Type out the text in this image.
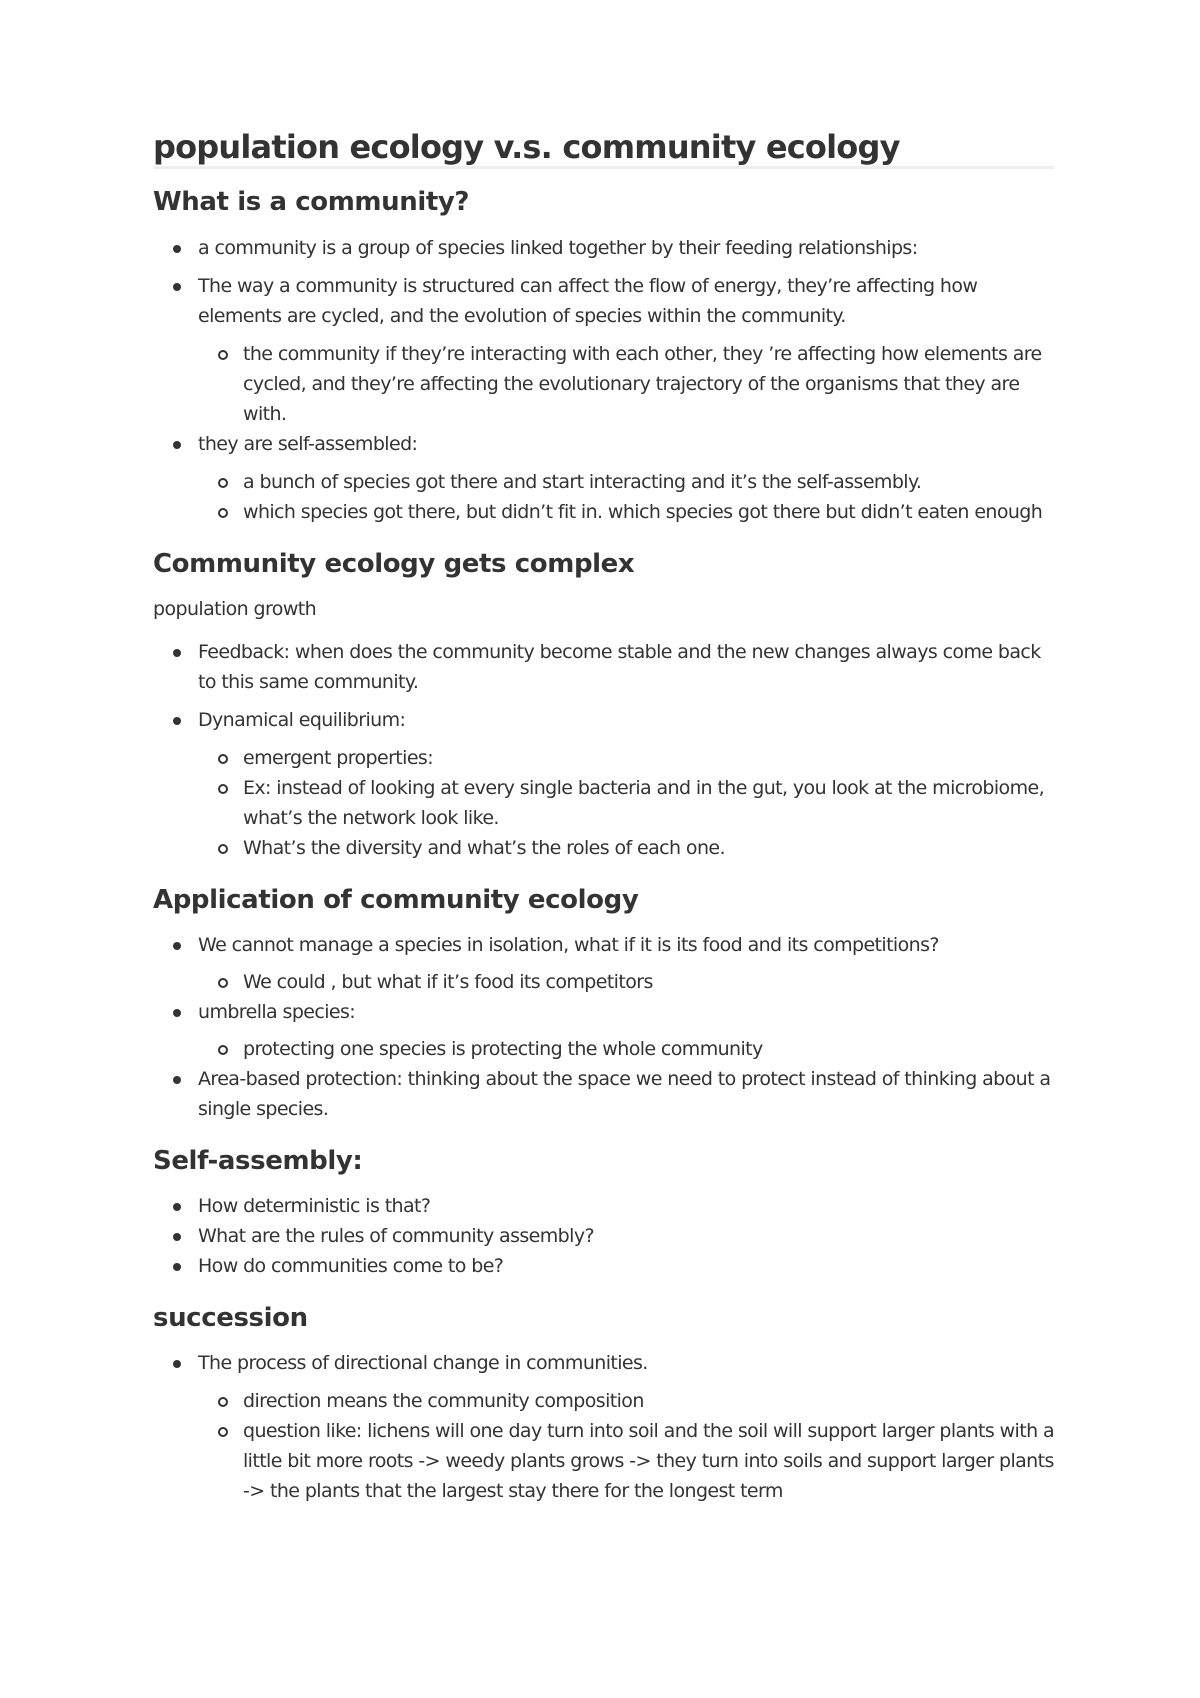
population ecology v.s. community ecology
What is a community?
a community is a group of species linked together by their feeding relationships:
The way a community is structured can affect the flow of energy, they’re affecting how elements are cycled, and the evolution of species within the community.
the community if they’re interacting with each other, they ’re affecting how elements are cycled, and they’re affecting the evolutionary trajectory of the organisms that they are with.
they are self-assembled:
a bunch of species got there and start interacting and it’s the self-assembly.
which species got there, but didn’t fit in. which species got there but didn’t eaten enough
Community ecology gets complex

population growth

Feedback: when does the community become stable and the new changes always come back to this same community.
Dynamical equilibrium:
emergent properties:
Ex: instead of looking at every single bacteria and in the gut, you look at the microbiome, what’s the network look like.
What’s the diversity and what’s the roles of each one.
Application of community ecology
We cannot manage a species in isolation, what if it is its food and its competitions?
We could , but what if it’s food its competitors
umbrella species:
protecting one species is protecting the whole community
Area-based protection: thinking about the space we need to protect instead of thinking about a single species.
Self-assembly:
How deterministic is that?
What are the rules of community assembly?
How do communities come to be?
succession
The process of directional change in communities.
direction means the community composition
question like: lichens will one day turn into soil and the soil will support larger plants with a little bit more roots -> weedy plants grows -> they turn into soils and support larger plants -> the plants that the largest stay there for the longest term
